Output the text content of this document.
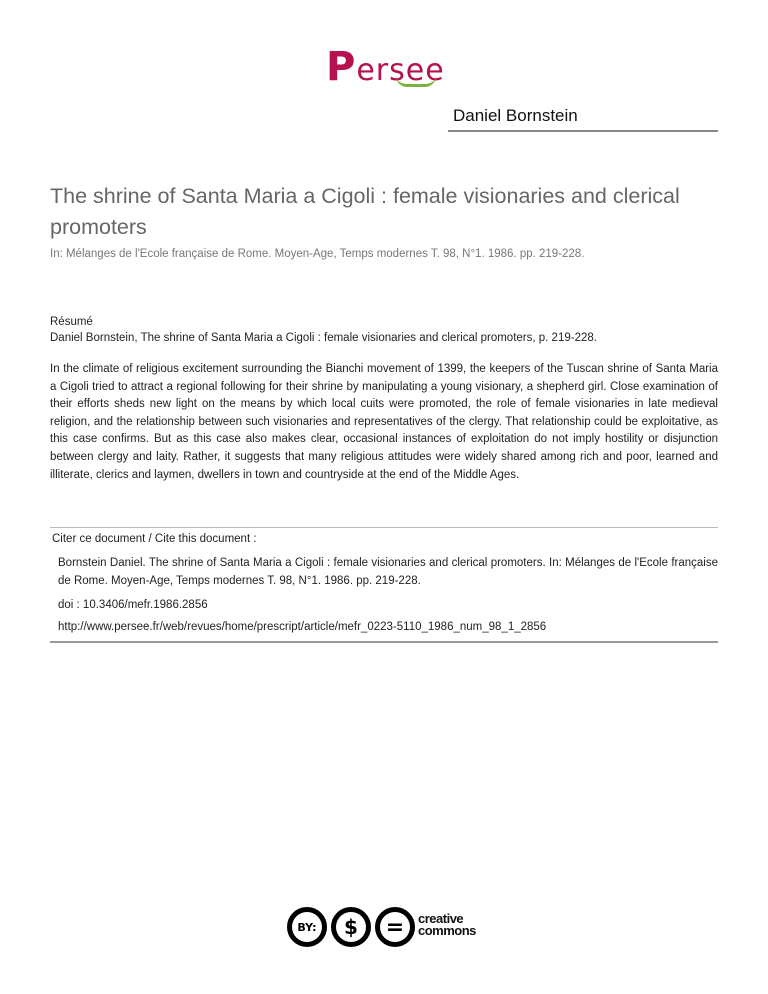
Persee
Daniel Bornstein
The shrine of Santa Maria a Cigoli : female visionaries and clerical promoters
In: Mélanges de l'Ecole française de Rome. Moyen-Age, Temps modernes T. 98, N°1. 1986. pp. 219-228.
Résumé
Daniel Bornstein, The shrine of Santa Maria a Cigoli : female visionaries and clerical promoters, p. 219-228.

In the climate of religious excitement surrounding the Bianchi movement of 1399, the keepers of the Tuscan shrine of Santa Maria a Cigoli tried to attract a regional following for their shrine by manipulating a young visionary, a shepherd girl. Close examination of their efforts sheds new light on the means by which local cuits were promoted, the role of female visionaries in late medieval religion, and the relationship between such visionaries and representatives of the clergy. That relationship could be exploitative, as this case confirms. But as this case also makes clear, occasional instances of exploitation do not imply hostility or disjunction between clergy and laity. Rather, it suggests that many religious attitudes were widely shared among rich and poor, learned and illiterate, clerics and laymen, dwellers in town and countryside at the end of the Middle Ages.

Citer ce document / Cite this document :

Bornstein Daniel. The shrine of Santa Maria a Cigoli : female visionaries and clerical promoters. In: Mélanges de l'Ecole française de Rome. Moyen-Age, Temps modernes T. 98, N°1. 1986. pp. 219-228.

doi : 10.3406/mefr.1986.2856
http://www.persee.fr/web/revues/home/prescript/article/mefr_0223-5110_1986_num_98_1_2856
BY:	$	=	creative
commons
